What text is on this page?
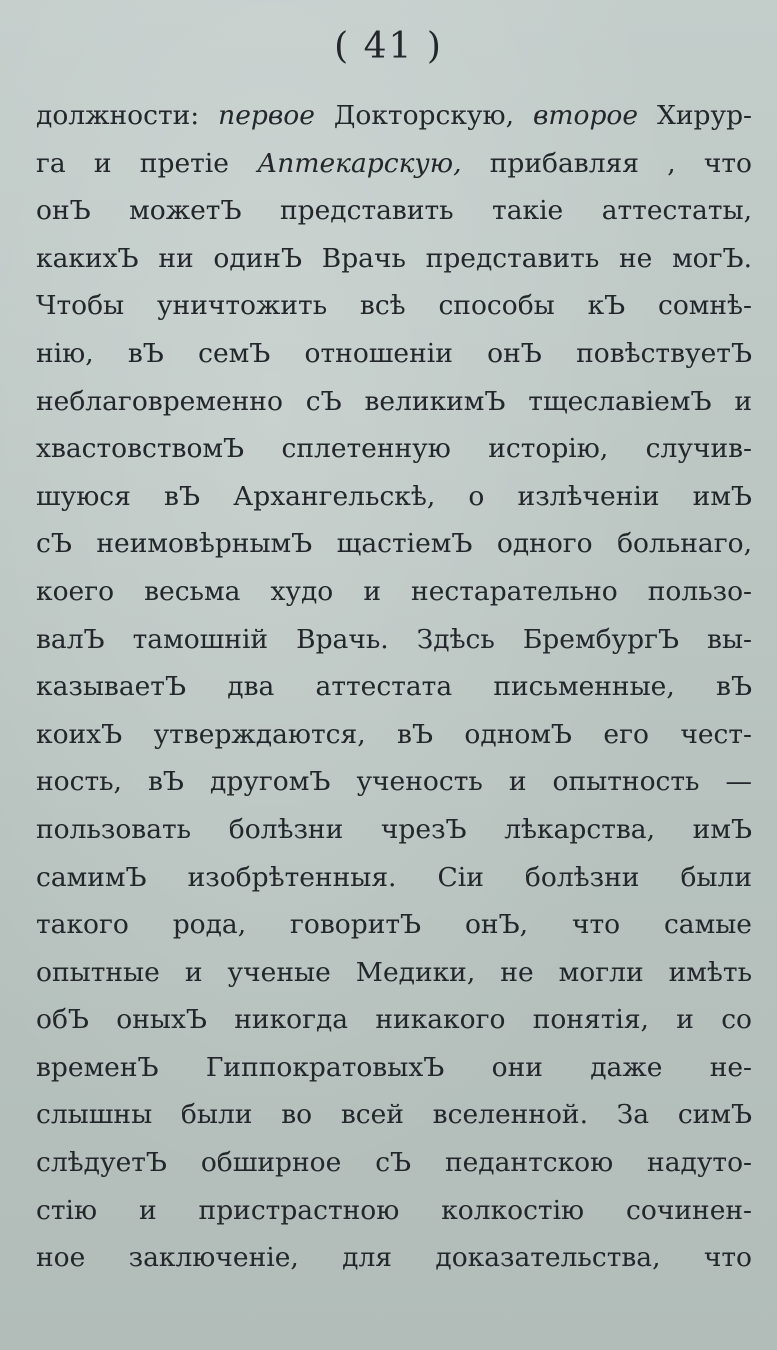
( 41 )
должности: первое Докторскую, второе Хирур-
га и претіе Аптекарскую, прибавляя , что
онЪ можетЪ представить такіе аттестаты,
какихЪ ни одинЪ Врачь представить не могЪ.
Чтобы уничтожить всѣ способы кЪ сомнѣ-
нію, вЪ семЪ отношеніи онЪ повѣствуетЪ
неблаговременно сЪ великимЪ тщеславіемЪ и
хвастовствомЪ сплетенную исторію, случив-
шуюся вЪ Архангельскѣ, о излѣченіи имЪ
сЪ неимовѣрнымЪ щастіемЪ одного больнаго,
коего весьма худо и нестарательно пользо-
валЪ тамошній Врачь. Здѣсь БрембургЪ вы-
казываетЪ два аттестата письменные, вЪ
коихЪ утверждаются, вЪ одномЪ его чест-
ность, вЪ другомЪ ученость и опытность —
пользовать болѣзни чрезЪ лѣкарства, имЪ
самимЪ изобрѣтенныя. Сіи болѣзни были
такого рода, говоритЪ онЪ, что самые
опытные и ученые Медики, не могли имѣть
обЪ оныхЪ никогда никакого понятія, и со
временЪ ГиппократовыхЪ они даже не-
слышны были во всей вселенной. За симЪ
слѣдуетЪ обширное сЪ педантскою надутo-
стію и пристрастною колкостію сочинен-
ное заключеніе, для доказательства, что
